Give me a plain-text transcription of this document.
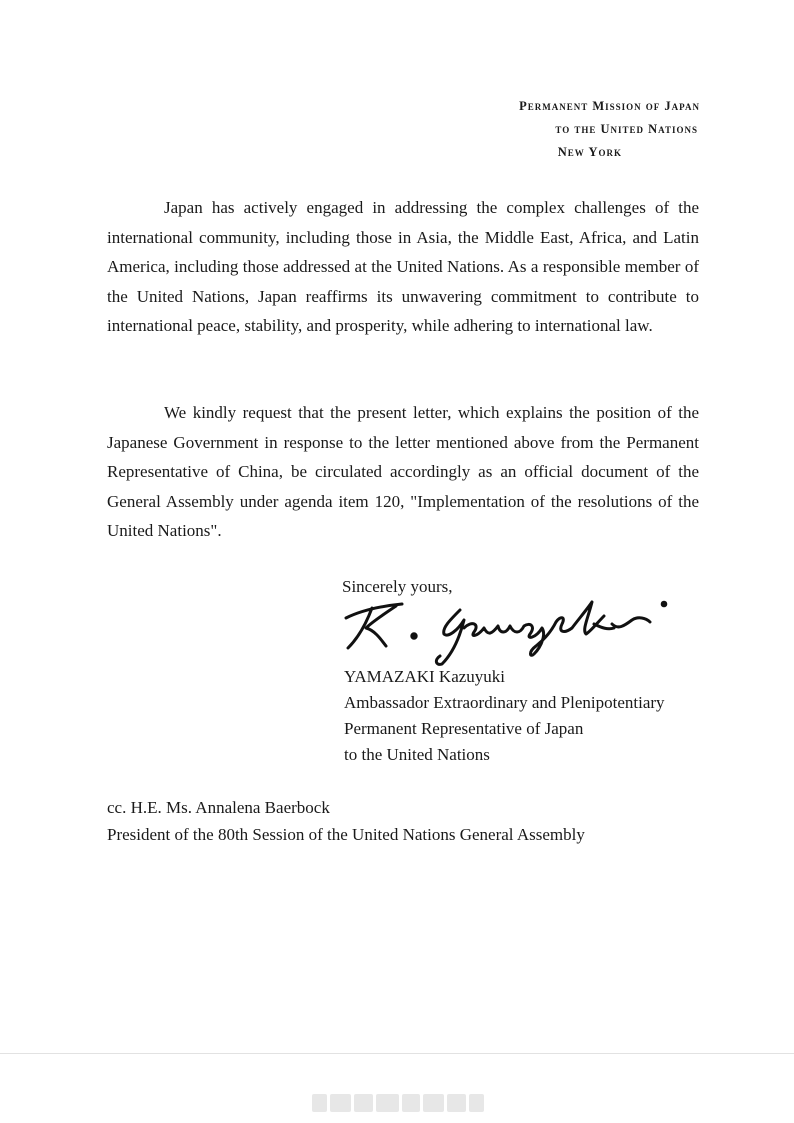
Permanent Mission of Japan
to the United Nations
New York

Japan has actively engaged in addressing the complex challenges of the international community, including those in Asia, the Middle East, Africa, and Latin America, including those addressed at the United Nations. As a responsible member of the United Nations, Japan reaffirms its unwavering commitment to contribute to international peace, stability, and prosperity, while adhering to international law.

We kindly request that the present letter, which explains the position of the Japanese Government in response to the letter mentioned above from the Permanent Representative of China, be circulated accordingly as an official document of the General Assembly under agenda item 120, "Implementation of the resolutions of the United Nations".

Sincerely yours,
YAMAZAKI Kazuyuki
Ambassador Extraordinary and Plenipotentiary
Permanent Representative of Japan
to the United Nations
cc. H.E. Ms. Annalena Baerbock
President of the 80th Session of the United Nations General Assembly
